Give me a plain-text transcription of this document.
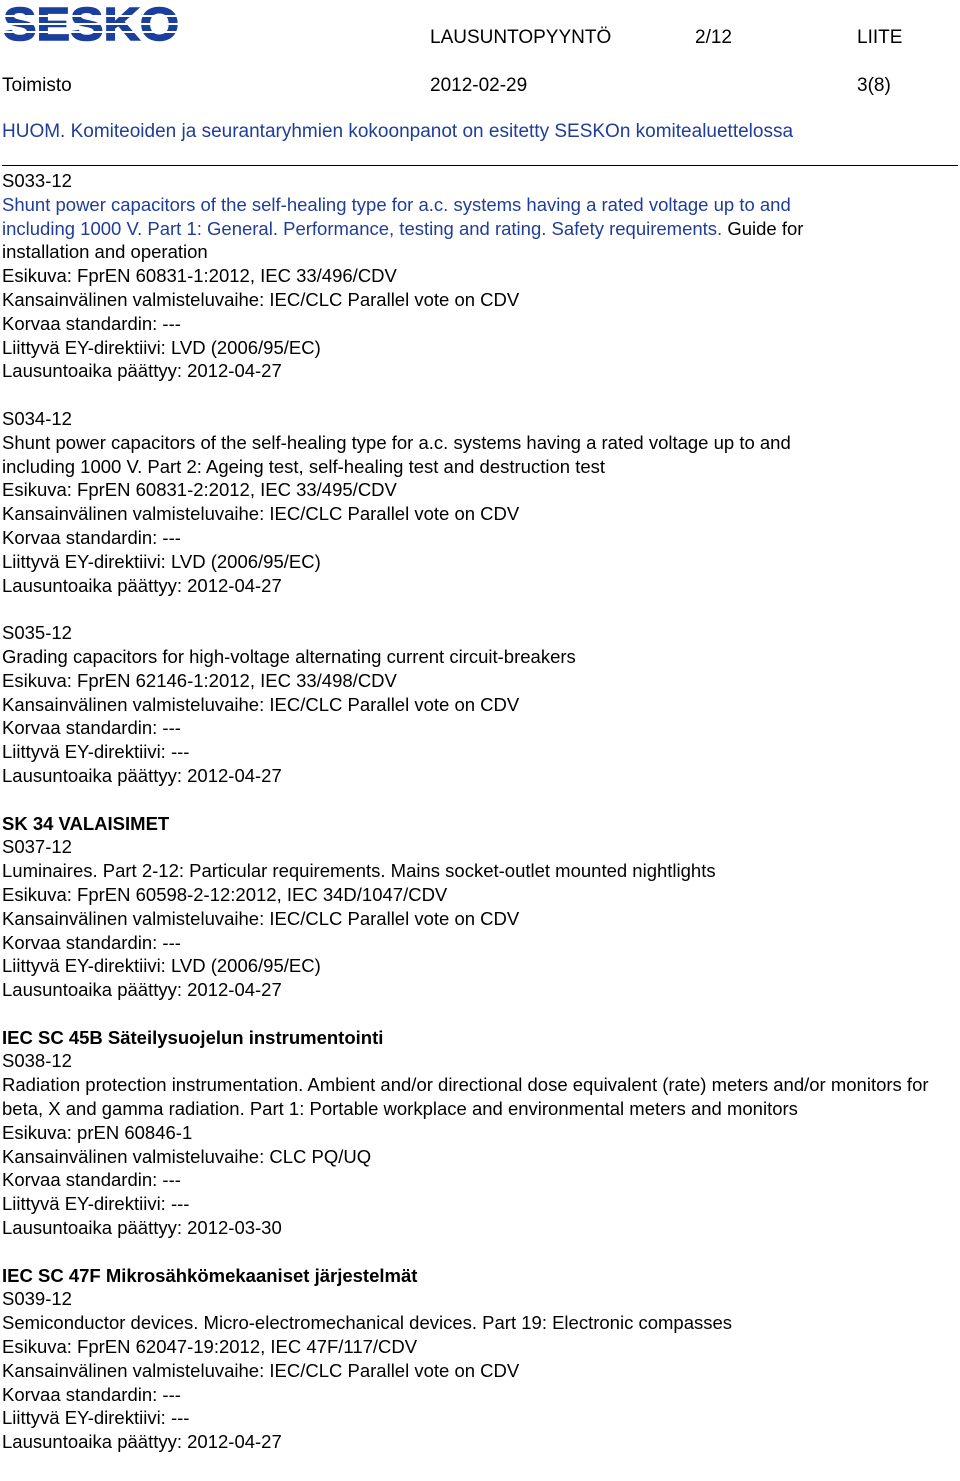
SESKO	LAUSUNTOPYYNTÖ	2/12	LIITE
Toimisto	2012-02-29	3(8)
HUOM. Komiteoiden ja seurantaryhmien kokoonpanot on esitetty SESKOn komitealuettelossa
S033-12
Shunt power capacitors of the self-healing type for a.c. systems having a rated voltage up to and
including 1000 V. Part 1: General. Performance, testing and rating. Safety requirements. Guide for
installation and operation
Esikuva: FprEN 60831-1:2012, IEC 33/496/CDV
Kansainvälinen valmisteluvaihe: IEC/CLC Parallel vote on CDV
Korvaa standardin: ---
Liittyvä EY-direktiivi: LVD (2006/95/EC)
Lausuntoaika päättyy: 2012-04-27
S034-12
Shunt power capacitors of the self-healing type for a.c. systems having a rated voltage up to and
including 1000 V. Part 2: Ageing test, self-healing test and destruction test
Esikuva: FprEN 60831-2:2012, IEC 33/495/CDV
Kansainvälinen valmisteluvaihe: IEC/CLC Parallel vote on CDV
Korvaa standardin: ---
Liittyvä EY-direktiivi: LVD (2006/95/EC)
Lausuntoaika päättyy: 2012-04-27
S035-12
Grading capacitors for high-voltage alternating current circuit-breakers
Esikuva: FprEN 62146-1:2012, IEC 33/498/CDV
Kansainvälinen valmisteluvaihe: IEC/CLC Parallel vote on CDV
Korvaa standardin: ---
Liittyvä EY-direktiivi: ---
Lausuntoaika päättyy: 2012-04-27
SK 34 VALAISIMET
S037-12
Luminaires. Part 2-12: Particular requirements. Mains socket-outlet mounted nightlights
Esikuva: FprEN 60598-2-12:2012, IEC 34D/1047/CDV
Kansainvälinen valmisteluvaihe: IEC/CLC Parallel vote on CDV
Korvaa standardin: ---
Liittyvä EY-direktiivi: LVD (2006/95/EC)
Lausuntoaika päättyy: 2012-04-27
IEC SC 45B Säteilysuojelun instrumentointi
S038-12
Radiation protection instrumentation. Ambient and/or directional dose equivalent (rate) meters and/or monitors for beta, X and gamma radiation. Part 1: Portable workplace and environmental meters and monitors
Esikuva: prEN 60846-1
Kansainvälinen valmisteluvaihe: CLC PQ/UQ
Korvaa standardin: ---
Liittyvä EY-direktiivi: ---
Lausuntoaika päättyy: 2012-03-30
IEC SC 47F Mikrosähkömekaaniset järjestelmät
S039-12
Semiconductor devices. Micro-electromechanical devices. Part 19: Electronic compasses
Esikuva: FprEN 62047-19:2012, IEC 47F/117/CDV
Kansainvälinen valmisteluvaihe: IEC/CLC Parallel vote on CDV
Korvaa standardin: ---
Liittyvä EY-direktiivi: ---
Lausuntoaika päättyy: 2012-04-27
